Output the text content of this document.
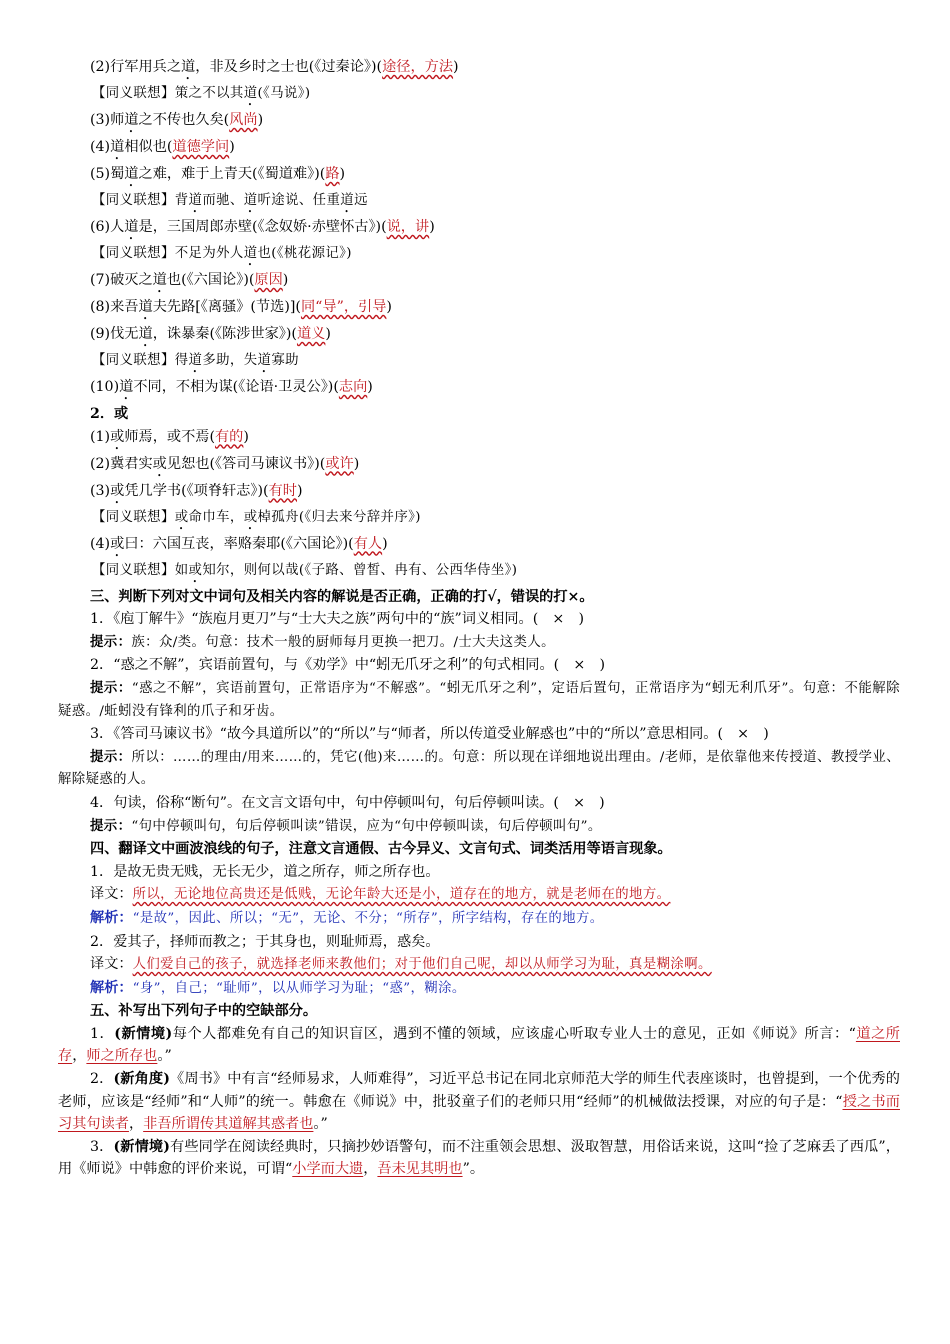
(2)行军用兵之道，非及乡时之士也(《过秦论》)(途径，方法)
【同义联想】策之不以其道(《马说》)
(3)师道之不传也久矣(风尚)
(4)道相似也(道德学问)
(5)蜀道之难，难于上青天(《蜀道难》)(路)
【同义联想】背道而驰、道听途说、任重道远
(6)人道是，三国周郎赤壁(《念奴娇·赤壁怀古》)(说，讲)
【同义联想】不足为外人道也(《桃花源记》)
(7)破灭之道也(《六国论》)(原因)
(8)来吾道夫先路[《离骚》(节选)](同“导”，引导)
(9)伐无道，诛暴秦(《陈涉世家》)(道义)
【同义联想】得道多助，失道寡助
(10)道不同，不相为谋(《论语·卫灵公》)(志向)
2．或
(1)或师焉，或不焉(有的)
(2)冀君实或见恕也(《答司马谏议书》)(或许)
(3)或凭几学书(《项脊轩志》)(有时)
【同义联想】或命巾车，或棹孤舟(《归去来兮辞并序》)
(4)或曰：六国互丧，率赂秦耶(《六国论》)(有人)
【同义联想】如或知尔，则何以哉(《子路、曾皙、冉有、公西华侍坐》)
三、判断下列对文中词句及相关内容的解说是否正确，正确的打√，错误的打×。
1．《庖丁解牛》“族庖月更刀”与“士大夫之族”两句中的“族”词义相同。(　×　)
提示：族：众/类。句意：技术一般的厨师每月更换一把刀。/士大夫这类人。
2．“惑之不解”，宾语前置句，与《劝学》中“蚓无爪牙之利”的句式相同。(　×　)
提示：“惑之不解”，宾语前置句，正常语序为“不解惑”。“蚓无爪牙之利”，定语后置句，正常语序为“蚓无利爪牙”。句意：不能解除疑惑。/蚯蚓没有锋利的爪子和牙齿。
3．《答司马谏议书》“故今具道所以”的“所以”与“师者，所以传道受业解惑也”中的“所以”意思相同。(　×　)
提示：所以：……的理由/用来……的，凭它(他)来……的。句意：所以现在详细地说出理由。/老师，是依靠他来传授道、教授学业、解除疑惑的人。
4．句读，俗称“断句”。在文言文语句中，句中停顿叫句，句后停顿叫读。(　×　)
提示：“句中停顿叫句，句后停顿叫读”错误，应为“句中停顿叫读，句后停顿叫句”。
四、翻译文中画波浪线的句子，注意文言通假、古今异义、文言句式、词类活用等语言现象。
1．是故无贵无贱，无长无少，道之所存，师之所存也。
译文：所以，无论地位高贵还是低贱，无论年龄大还是小，道存在的地方，就是老师在的地方。
解析：“是故”，因此、所以；“无”，无论、不分；“所存”，所字结构，存在的地方。
2．爱其子，择师而教之；于其身也，则耻师焉，惑矣。
译文：人们爱自己的孩子，就选择老师来教他们；对于他们自己呢，却以从师学习为耻，真是糊涂啊。
解析：“身”，自己；“耻师”，以从师学习为耻；“惑”，糊涂。
五、补写出下列句子中的空缺部分。
1．(新情境)每个人都难免有自己的知识盲区，遇到不懂的领域，应该虚心听取专业人士的意见，正如《师说》所言：“道之所存，师之所存也。”
2．(新角度)《周书》中有言“经师易求，人师难得”，习近平总书记在同北京师范大学的师生代表座谈时，也曾提到，一个优秀的老师，应该是“经师”和“人师”的统一。韩愈在《师说》中，批驳童子们的老师只用“经师”的机械做法授课，对应的句子是：“授之书而习其句读者，非吾所谓传其道解其惑者也。”
3．(新情境)有些同学在阅读经典时，只摘抄妙语警句，而不注重领会思想、汲取智慧，用俗话来说，这叫“捡了芝麻丢了西瓜”，用《师说》中韩愈的评价来说，可谓“小学而大遗，吾未见其明也”。
